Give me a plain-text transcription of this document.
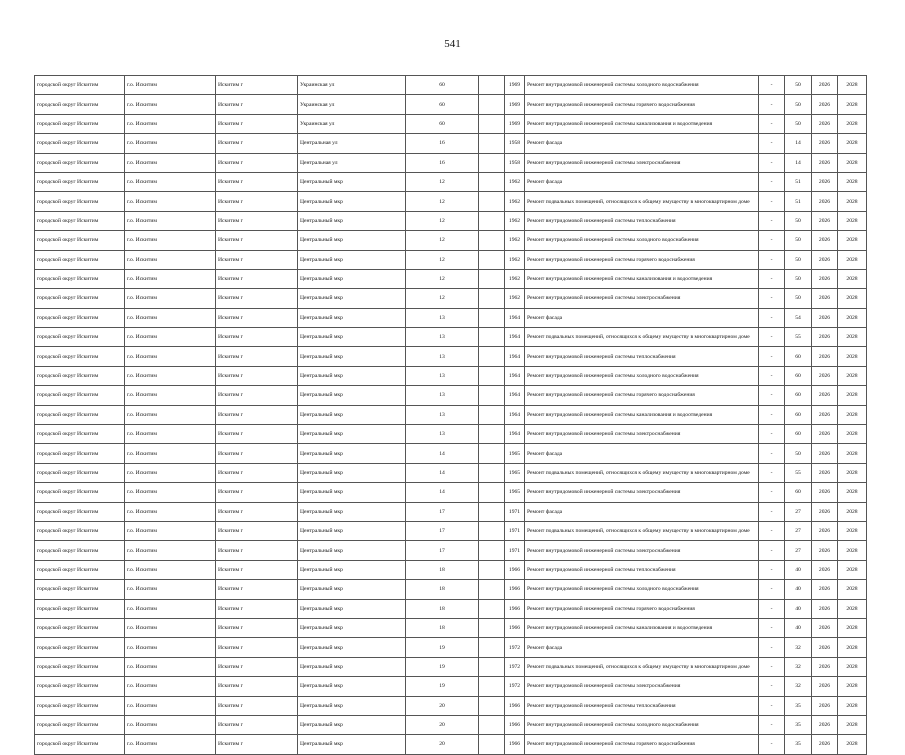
541
городской округ Искитим	г.о. Искитим	Искитим г	Украинская ул	60		1969	Ремонт внутридомовой инженерной системы холодного водоснабжения	-	50	2026	2028
городской округ Искитим	г.о. Искитим	Искитим г	Украинская ул	60		1969	Ремонт внутридомовой инженерной системы горячего водоснабжения	-	50	2026	2028
городской округ Искитим	г.о. Искитим	Искитим г	Украинская ул	60		1969	Ремонт внутридомовой инженерной системы канализования и водоотведения	-	50	2026	2028
городской округ Искитим	г.о. Искитим	Искитим г	Центральная ул	16		1958	Ремонт фасада	-	14	2026	2028
городской округ Искитим	г.о. Искитим	Искитим г	Центральная ул	16		1958	Ремонт внутридомовой инженерной системы электроснабжения	-	14	2026	2028
городской округ Искитим	г.о. Искитим	Искитим г	Центральный мкр	12		1962	Ремонт фасада	-	51	2026	2028
городской округ Искитим	г.о. Искитим	Искитим г	Центральный мкр	12		1962	Ремонт подвальных помещений, относящихся к общему имуществу в многоквартирном доме	-	51	2026	2028
городской округ Искитим	г.о. Искитим	Искитим г	Центральный мкр	12		1962	Ремонт внутридомовой инженерной системы теплоснабжения	-	50	2026	2028
городской округ Искитим	г.о. Искитим	Искитим г	Центральный мкр	12		1962	Ремонт внутридомовой инженерной системы холодного водоснабжения	-	50	2026	2028
городской округ Искитим	г.о. Искитим	Искитим г	Центральный мкр	12		1962	Ремонт внутридомовой инженерной системы горячего водоснабжения	-	50	2026	2028
городской округ Искитим	г.о. Искитим	Искитим г	Центральный мкр	12		1962	Ремонт внутридомовой инженерной системы канализования и водоотведения	-	50	2026	2028
городской округ Искитим	г.о. Искитим	Искитим г	Центральный мкр	12		1962	Ремонт внутридомовой инженерной системы электроснабжения	-	50	2026	2028
городской округ Искитим	г.о. Искитим	Искитим г	Центральный мкр	13		1964	Ремонт фасада	-	54	2026	2028
городской округ Искитим	г.о. Искитим	Искитим г	Центральный мкр	13		1964	Ремонт подвальных помещений, относящихся к общему имуществу в многоквартирном доме	-	55	2026	2028
городской округ Искитим	г.о. Искитим	Искитим г	Центральный мкр	13		1964	Ремонт внутридомовой инженерной системы теплоснабжения	-	60	2026	2028
городской округ Искитим	г.о. Искитим	Искитим г	Центральный мкр	13		1964	Ремонт внутридомовой инженерной системы холодного водоснабжения	-	60	2026	2028
городской округ Искитим	г.о. Искитим	Искитим г	Центральный мкр	13		1964	Ремонт внутридомовой инженерной системы горячего водоснабжения	-	60	2026	2028
городской округ Искитим	г.о. Искитим	Искитим г	Центральный мкр	13		1964	Ремонт внутридомовой инженерной системы канализования и водоотведения	-	60	2026	2028
городской округ Искитим	г.о. Искитим	Искитим г	Центральный мкр	13		1964	Ремонт внутридомовой инженерной системы электроснабжения	-	60	2026	2028
городской округ Искитим	г.о. Искитим	Искитим г	Центральный мкр	14		1965	Ремонт фасада	-	50	2026	2028
городской округ Искитим	г.о. Искитим	Искитим г	Центральный мкр	14		1965	Ремонт подвальных помещений, относящихся к общему имуществу в многоквартирном доме	-	55	2026	2028
городской округ Искитим	г.о. Искитим	Искитим г	Центральный мкр	14		1965	Ремонт внутридомовой инженерной системы электроснабжения	-	60	2026	2028
городской округ Искитим	г.о. Искитим	Искитим г	Центральный мкр	17		1971	Ремонт фасада	-	27	2026	2028
городской округ Искитим	г.о. Искитим	Искитим г	Центральный мкр	17		1971	Ремонт подвальных помещений, относящихся к общему имуществу в многоквартирном доме	-	27	2026	2028
городской округ Искитим	г.о. Искитим	Искитим г	Центральный мкр	17		1971	Ремонт внутридомовой инженерной системы электроснабжения	-	27	2026	2028
городской округ Искитим	г.о. Искитим	Искитим г	Центральный мкр	18		1966	Ремонт внутридомовой инженерной системы теплоснабжения	-	40	2026	2028
городской округ Искитим	г.о. Искитим	Искитим г	Центральный мкр	18		1966	Ремонт внутридомовой инженерной системы холодного водоснабжения	-	40	2026	2028
городской округ Искитим	г.о. Искитим	Искитим г	Центральный мкр	18		1966	Ремонт внутридомовой инженерной системы горячего водоснабжения	-	40	2026	2028
городской округ Искитим	г.о. Искитим	Искитим г	Центральный мкр	18		1966	Ремонт внутридомовой инженерной системы канализования и водоотведения	-	40	2026	2028
городской округ Искитим	г.о. Искитим	Искитим г	Центральный мкр	19		1972	Ремонт фасада	-	32	2026	2028
городской округ Искитим	г.о. Искитим	Искитим г	Центральный мкр	19		1972	Ремонт подвальных помещений, относящихся к общему имуществу в многоквартирном доме	-	32	2026	2028
городской округ Искитим	г.о. Искитим	Искитим г	Центральный мкр	19		1972	Ремонт внутридомовой инженерной системы электроснабжения	-	32	2026	2028
городской округ Искитим	г.о. Искитим	Искитим г	Центральный мкр	20		1966	Ремонт внутридомовой инженерной системы теплоснабжения	-	35	2026	2028
городской округ Искитим	г.о. Искитим	Искитим г	Центральный мкр	20		1966	Ремонт внутридомовой инженерной системы холодного водоснабжения	-	35	2026	2028
городской округ Искитим	г.о. Искитим	Искитим г	Центральный мкр	20		1966	Ремонт внутридомовой инженерной системы горячего водоснабжения	-	35	2026	2028
